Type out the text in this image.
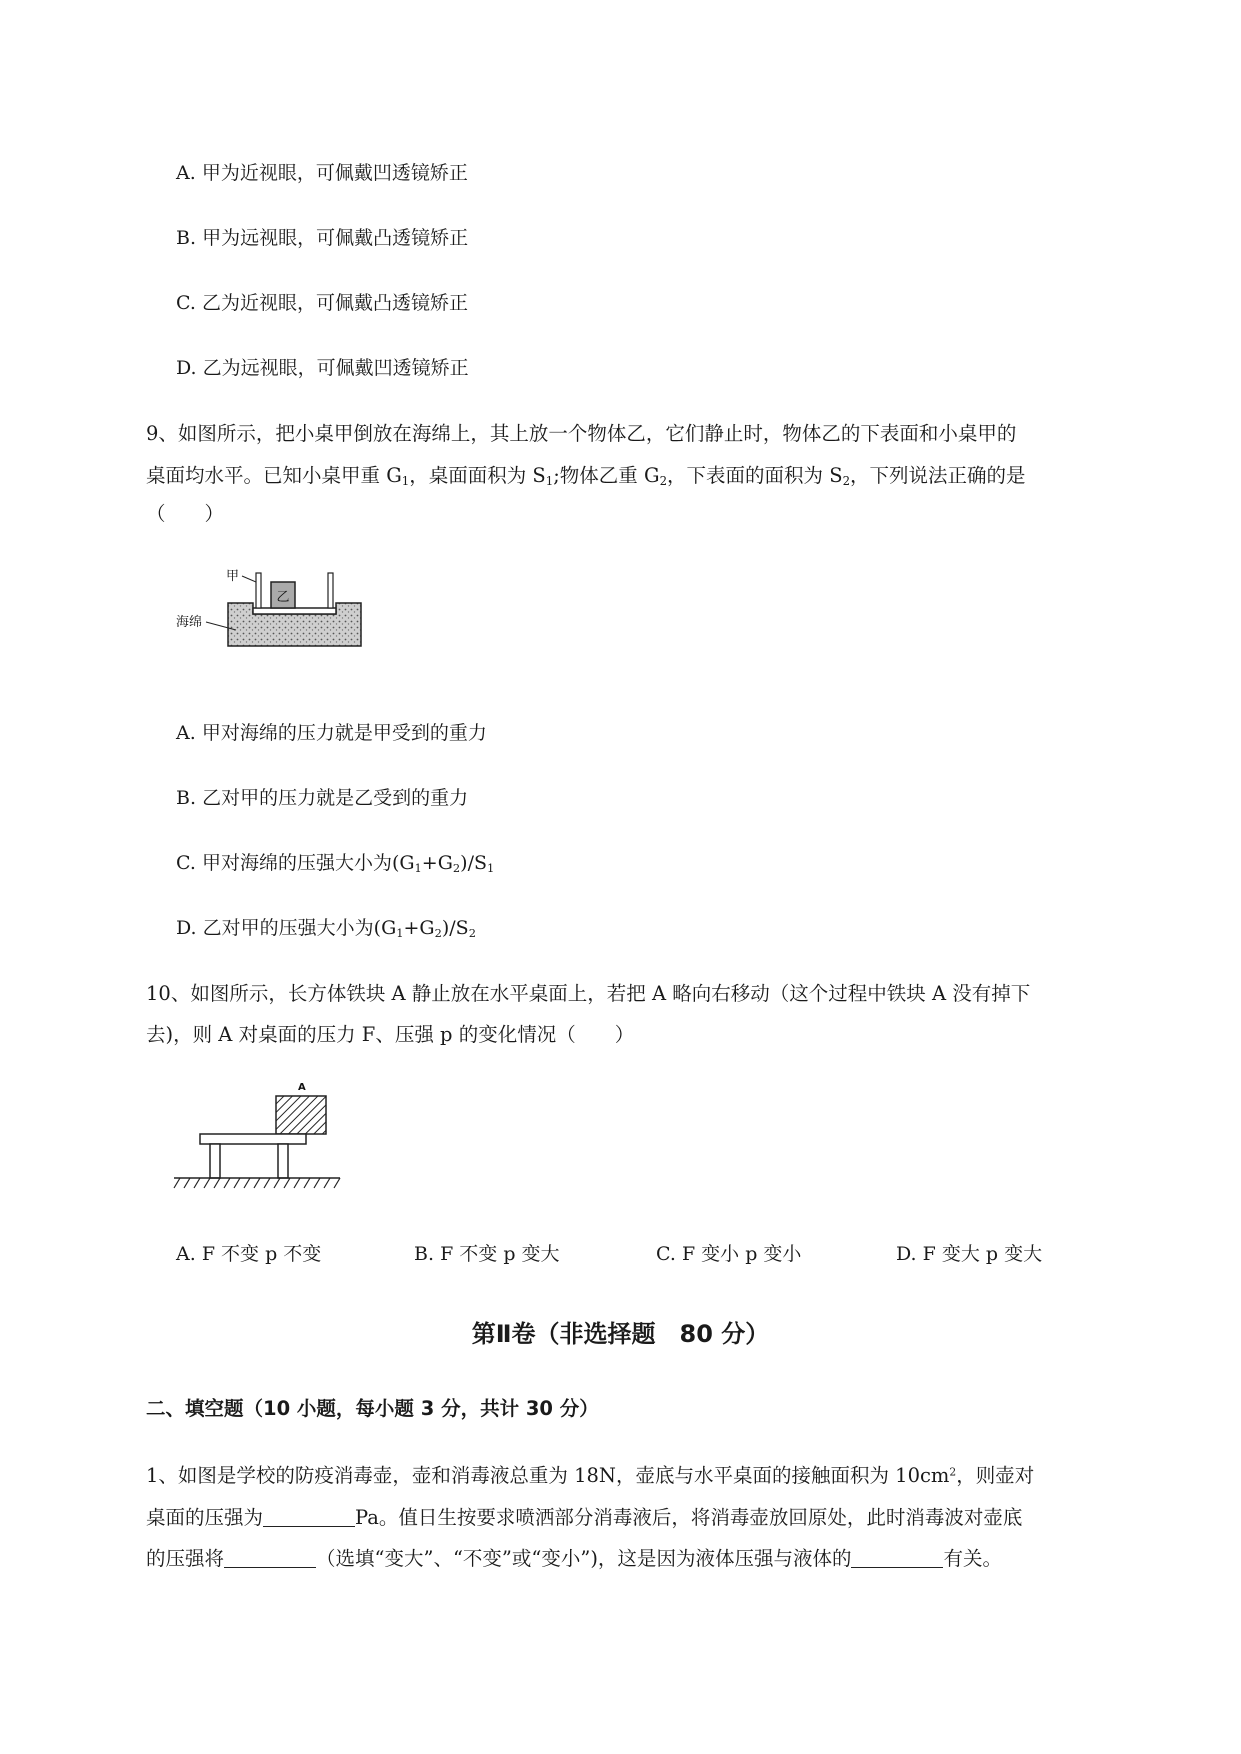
A. 甲为近视眼，可佩戴凹透镜矫正
B. 甲为远视眼，可佩戴凸透镜矫正
C. 乙为近视眼，可佩戴凸透镜矫正
D. 乙为远视眼，可佩戴凹透镜矫正
9、如图所示，把小桌甲倒放在海绵上，其上放一个物体乙，它们静止时，物体乙的下表面和小桌甲的
桌面均水平。已知小桌甲重 $G_1$，桌面面积为 $S_1$;物体乙重 $G_2$，下表面的面积为 $S_2$，下列说法正确的是
（　　）
乙
甲
海绵
A. 甲对海绵的压力就是甲受到的重力
B. 乙对甲的压力就是乙受到的重力
C. 甲对海绵的压强大小为$(G_1+G_2)/S_1$
D. 乙对甲的压强大小为$(G_1+G_2)/S_2$
10、如图所示，长方体铁块 A 静止放在水平桌面上，若把 A 略向右移动（这个过程中铁块 A 没有掉下
去)，则 A 对桌面的压力 F、压强 p 的变化情况（　　）
A
A. F 不变 p 不变	B. F 不变 p 变大	C. F 变小 p 变小	D. F 变大 p 变大
第Ⅱ卷（非选择题　80 分）
二、填空题（10 小题，每小题 3 分，共计 30 分）
1、如图是学校的防疫消毒壶，壶和消毒液总重为 18N，壶底与水平桌面的接触面积为 $10cm^2$，则壶对
桌面的压强为	Pa。值日生按要求喷洒部分消毒液后，将消毒壶放回原处，此时消毒波对壶底
的压强将	（选填“变大”、“不变”或“变小”)，这是因为液体压强与液体的	有关。
